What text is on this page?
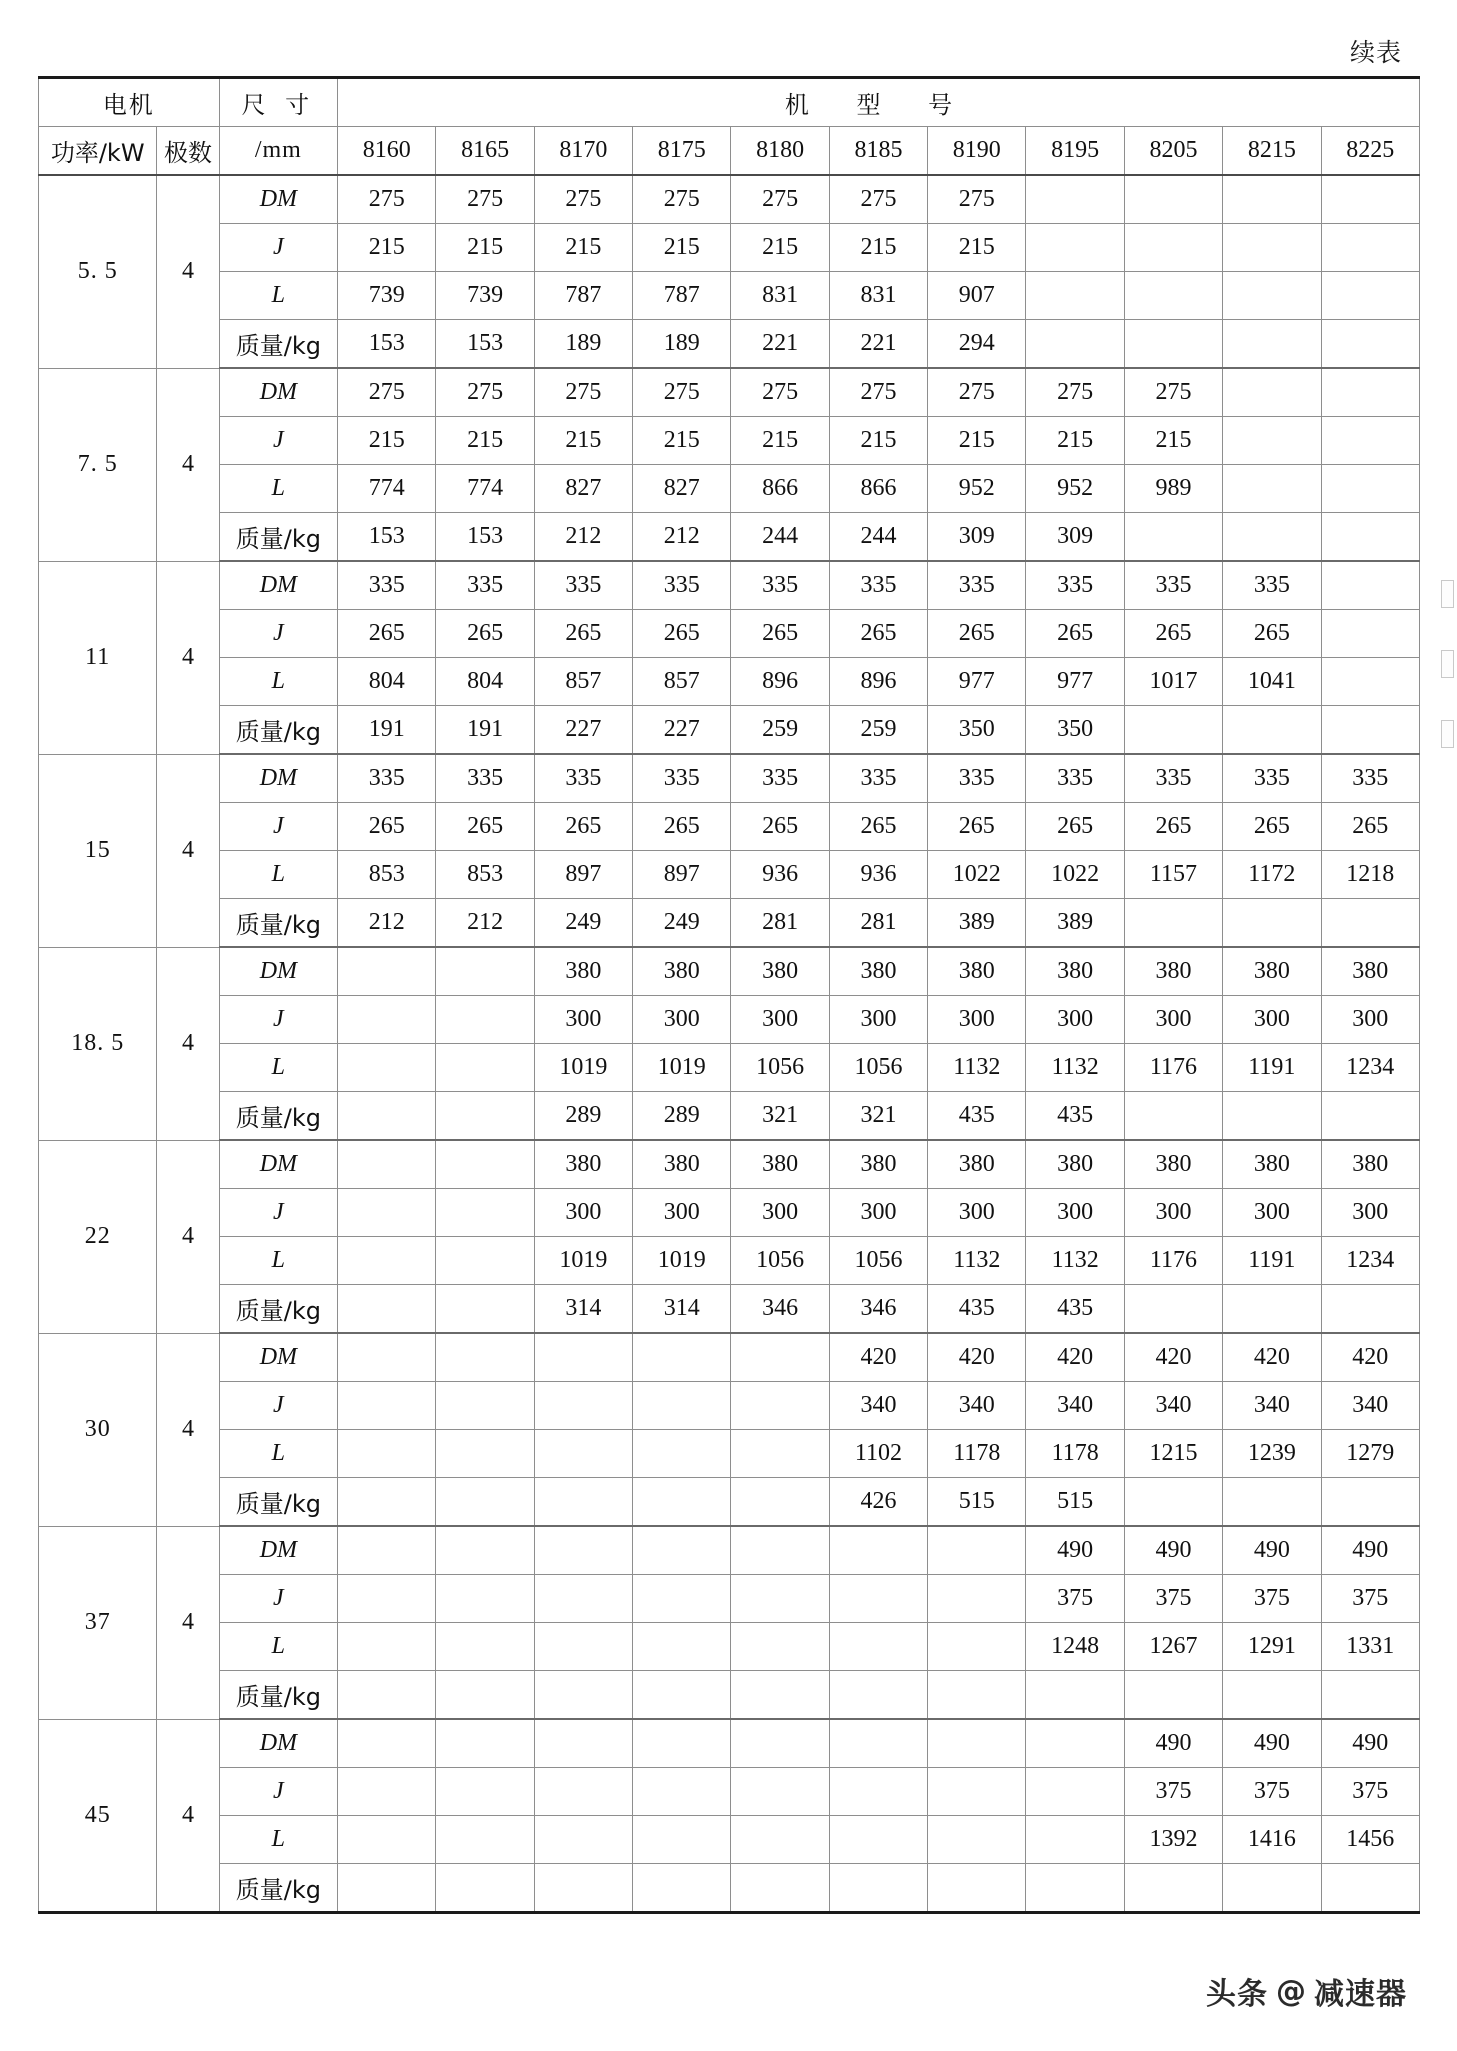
续表
电机		尺 寸	机 型 号										
功率/kW	极数	/mm	8160	8165	8170	8175	8180	8185	8190	8195	8205	8215	8225
5. 5	4	DM	275	275	275	275	275	275	275				
		J	215	215	215	215	215	215	215				
		L	739	739	787	787	831	831	907				
		质量/kg	153	153	189	189	221	221	294				
7. 5	4	DM	275	275	275	275	275	275	275	275	275		
		J	215	215	215	215	215	215	215	215	215		
		L	774	774	827	827	866	866	952	952	989		
		质量/kg	153	153	212	212	244	244	309	309			
11	4	DM	335	335	335	335	335	335	335	335	335	335	
		J	265	265	265	265	265	265	265	265	265	265	
		L	804	804	857	857	896	896	977	977	1017	1041	
		质量/kg	191	191	227	227	259	259	350	350			
15	4	DM	335	335	335	335	335	335	335	335	335	335	335
		J	265	265	265	265	265	265	265	265	265	265	265
		L	853	853	897	897	936	936	1022	1022	1157	1172	1218
		质量/kg	212	212	249	249	281	281	389	389			
18. 5	4	DM			380	380	380	380	380	380	380	380	380
		J			300	300	300	300	300	300	300	300	300
		L			1019	1019	1056	1056	1132	1132	1176	1191	1234
		质量/kg			289	289	321	321	435	435			
22	4	DM			380	380	380	380	380	380	380	380	380
		J			300	300	300	300	300	300	300	300	300
		L			1019	1019	1056	1056	1132	1132	1176	1191	1234
		质量/kg			314	314	346	346	435	435			
30	4	DM						420	420	420	420	420	420
		J						340	340	340	340	340	340
		L						1102	1178	1178	1215	1239	1279
		质量/kg						426	515	515			
37	4	DM								490	490	490	490
		J								375	375	375	375
		L								1248	1267	1291	1331
		质量/kg											
45	4	DM									490	490	490
		J									375	375	375
		L									1392	1416	1456
		质量/kg											
头条 @ 减速器
